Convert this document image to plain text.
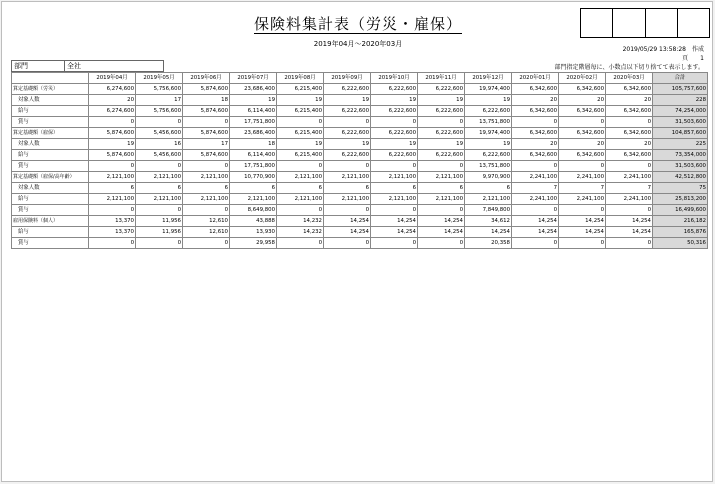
保険料集計表（労災・雇保）
2019年04月～2020年03月
2019/05/29 13:58:28　作成
頁　　1
部門指定階層毎に、小数点以下切り捨てて表示します。
部門	全社
	2019年04月	2019年05月	2019年06月	2019年07月	2019年08月	2019年09月	2019年10月	2019年11月	2019年12月	2020年01月	2020年02月	2020年03月	合計
算定基礎額（労災）	6,274,600	5,756,600	5,874,600	23,686,400	6,215,400	6,222,600	6,222,600	6,222,600	19,974,400	6,342,600	6,342,600	6,342,600	105,757,600
対象人数	20	17	18	19	19	19	19	19	19	20	20	20	228
給与	6,274,600	5,756,600	5,874,600	6,114,400	6,215,400	6,222,600	6,222,600	6,222,600	6,222,600	6,342,600	6,342,600	6,342,600	74,254,000
賞与	0	0	0	17,751,800	0	0	0	0	13,751,800	0	0	0	31,503,600
算定基礎額（雇保）	5,874,600	5,456,600	5,874,600	23,686,400	6,215,400	6,222,600	6,222,600	6,222,600	19,974,400	6,342,600	6,342,600	6,342,600	104,857,600
対象人数	19	16	17	18	19	19	19	19	19	20	20	20	225
給与	5,874,600	5,456,600	5,874,600	6,114,400	6,215,400	6,222,600	6,222,600	6,222,600	6,222,600	6,342,600	6,342,600	6,342,600	73,354,000
賞与	0	0	0	17,751,800	0	0	0	0	13,751,800	0	0	0	31,503,600
算定基礎額（雇保/高年齢）	2,121,100	2,121,100	2,121,100	10,770,900	2,121,100	2,121,100	2,121,100	2,121,100	9,970,900	2,241,100	2,241,100	2,241,100	42,512,800
対象人数	6	6	6	6	6	6	6	6	6	7	7	7	75
給与	2,121,100	2,121,100	2,121,100	2,121,100	2,121,100	2,121,100	2,121,100	2,121,100	2,121,100	2,241,100	2,241,100	2,241,100	25,813,200
賞与	0	0	0	8,649,800	0	0	0	0	7,849,800	0	0	0	16,499,600
雇用保険料（個人）	13,370	11,956	12,610	43,888	14,232	14,254	14,254	14,254	34,612	14,254	14,254	14,254	216,182
給与	13,370	11,956	12,610	13,930	14,232	14,254	14,254	14,254	14,254	14,254	14,254	14,254	165,876
賞与	0	0	0	29,958	0	0	0	0	20,358	0	0	0	50,316
